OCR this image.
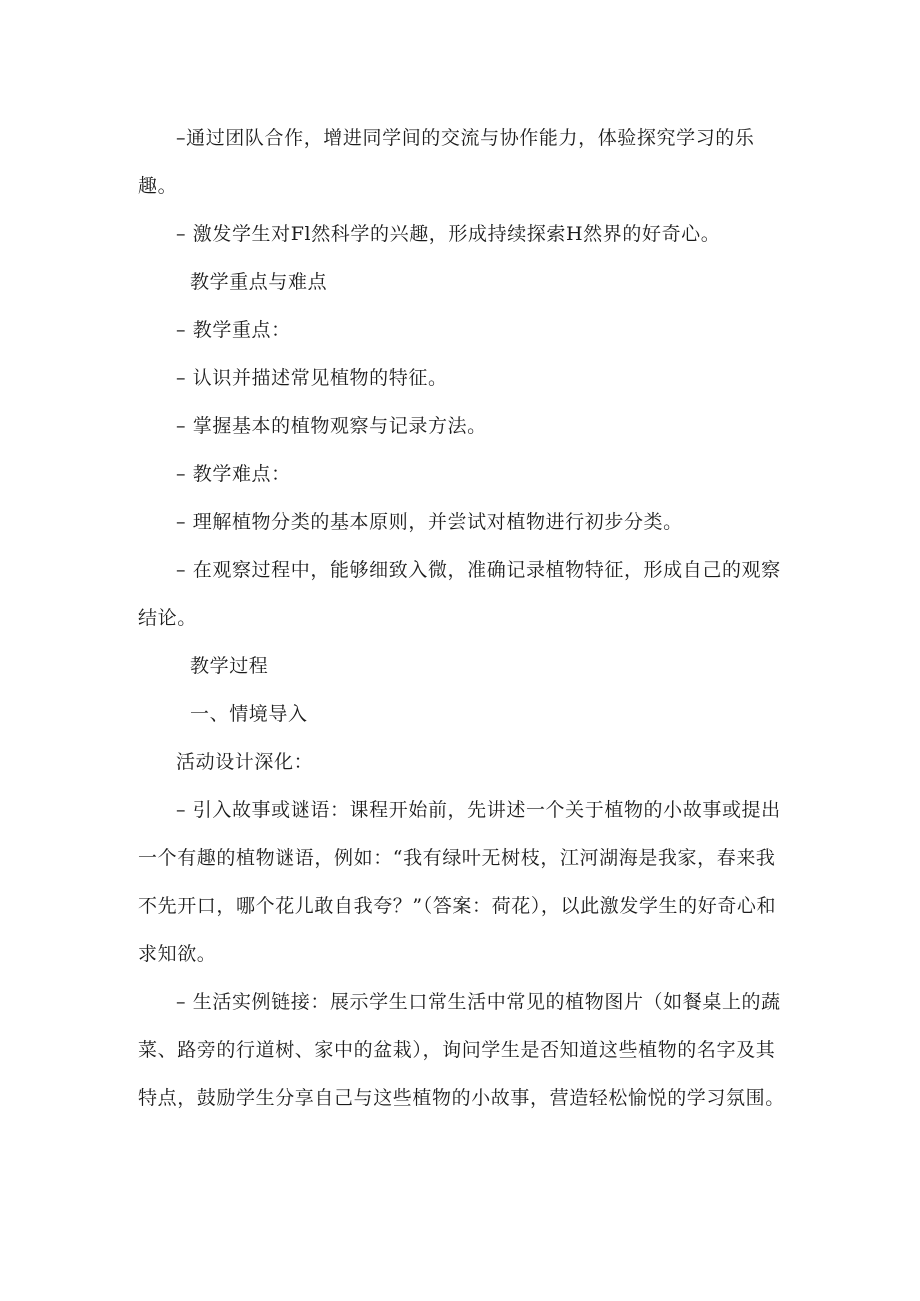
–通过团队合作，增进同学间的交流与协作能力，体验探究学习的乐趣。

– 激发学生对Fl然科学的兴趣，形成持续探索H然界的好奇心。

教学重点与难点

– 教学重点：

– 认识并描述常见植物的特征。

– 掌握基本的植物观察与记录方法。

– 教学难点：

– 理解植物分类的基本原则，并尝试对植物进行初步分类。

– 在观察过程中，能够细致入微，准确记录植物特征，形成自己的观察结论。

教学过程

一、情境导入

活动设计深化：

– 引入故事或谜语：课程开始前，先讲述一个关于植物的小故事或提出一个有趣的植物谜语，例如：“我有绿叶无树枝，江河湖海是我家，春来我不先开口，哪个花儿敢自我夸？”（答案：荷花），以此激发学生的好奇心和求知欲。

– 生活实例链接：展示学生口常生活中常见的植物图片（如餐桌上的蔬菜、路旁的行道树、家中的盆栽），询问学生是否知道这些植物的名字及其特点，鼓励学生分享自己与这些植物的小故事，营造轻松愉悦的学习氛围。
